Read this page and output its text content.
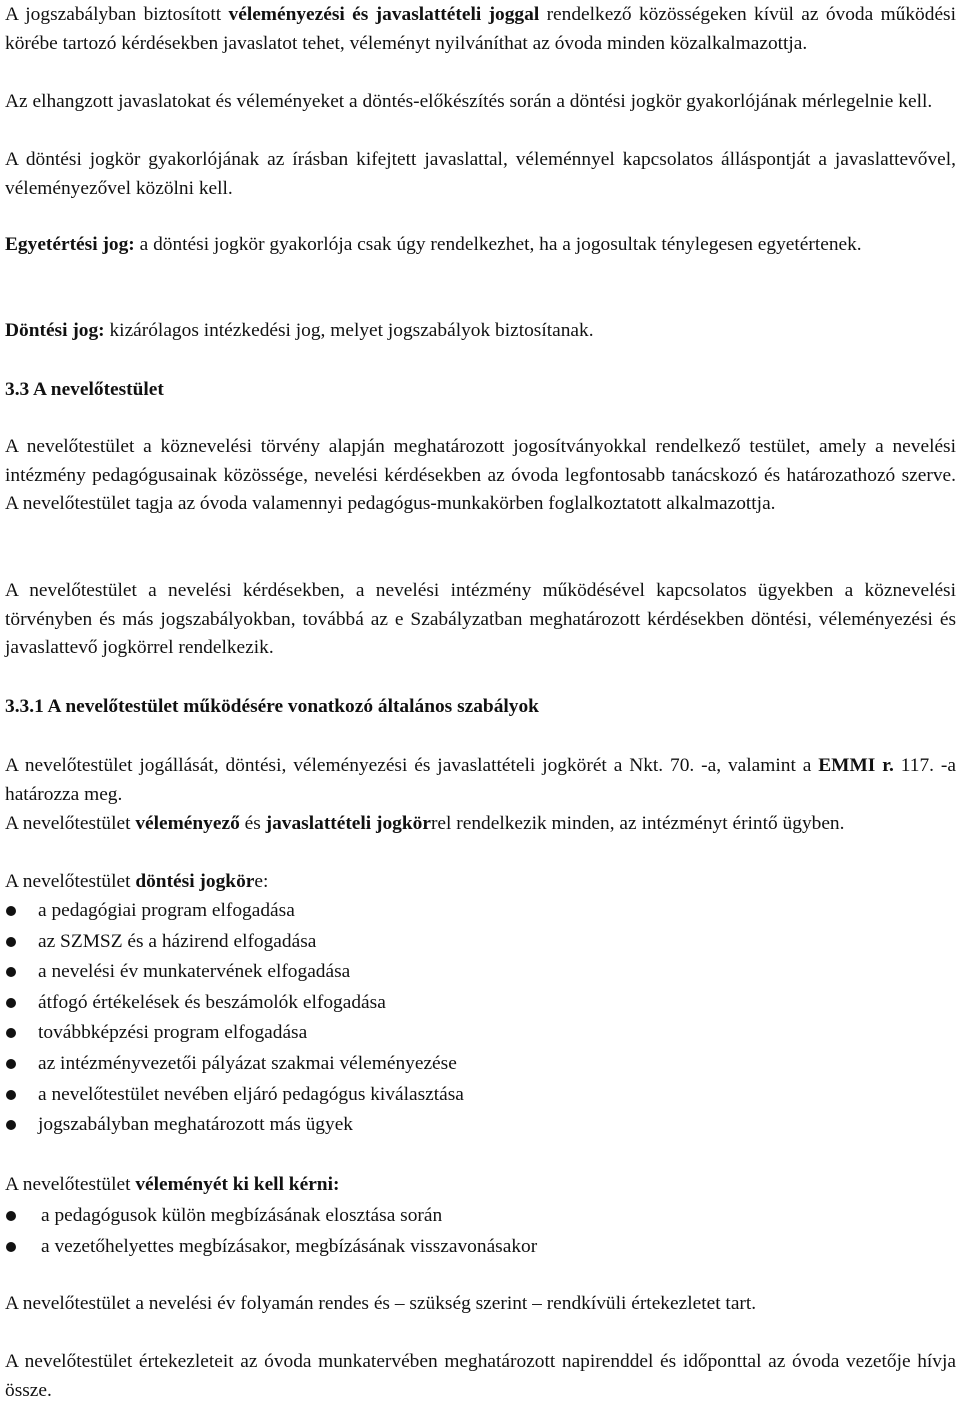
A jogszabályban biztosított véleményezési és javaslattételi joggal rendelkező közösségeken kívül az óvoda működési körébe tartozó kérdésekben javaslatot tehet, véleményt nyilváníthat az óvoda minden közalkalmazottja.

Az elhangzott javaslatokat és véleményeket a döntés-előkészítés során a döntési jogkör gyakorlójának mérlegelnie kell.

A döntési jogkör gyakorlójának az írásban kifejtett javaslattal, véleménnyel kapcsolatos álláspontját a javaslattevővel, véleményezővel közölni kell.

Egyetértési jog: a döntési jogkör gyakorlója csak úgy rendelkezhet, ha a jogosultak ténylegesen egyetértenek.

Döntési jog: kizárólagos intézkedési jog, melyet jogszabályok biztosítanak.

3.3 A nevelőtestület

A nevelőtestület a köznevelési törvény alapján meghatározott jogosítványokkal rendelkező testület, amely a nevelési intézmény pedagógusainak közössége, nevelési kérdésekben az óvoda legfontosabb tanácskozó és határozathozó szerve. A nevelőtestület tagja az óvoda valamennyi pedagógus-munkakörben foglalkoztatott alkalmazottja.

A nevelőtestület a nevelési kérdésekben, a nevelési intézmény működésével kapcsolatos ügyekben a köznevelési törvényben és más jogszabályokban, továbbá az e Szabályzatban meghatározott kérdésekben döntési, véleményezési és javaslattevő jogkörrel rendelkezik.

3.3.1 A nevelőtestület működésére vonatkozó általános szabályok

A nevelőtestület jogállását, döntési, véleményezési és javaslattételi jogkörét a Nkt. 70. -a, valamint a EMMI r. 117. -a határozza meg.

A nevelőtestület véleményező és javaslattételi jogkörrel rendelkezik minden, az intézményt érintő ügyben.

A nevelőtestület döntési jogköre:

a pedagógiai program elfogadása
az SZMSZ és a házirend elfogadása
a nevelési év munkatervének elfogadása
átfogó értékelések és beszámolók elfogadása
továbbképzési program elfogadása
az intézményvezetői pályázat szakmai véleményezése
a nevelőtestület nevében eljáró pedagógus kiválasztása
jogszabályban meghatározott más ügyek

A nevelőtestület véleményét ki kell kérni:

a pedagógusok külön megbízásának elosztása során
a vezetőhelyettes megbízásakor, megbízásának visszavonásakor

A nevelőtestület a nevelési év folyamán rendes és – szükség szerint – rendkívüli értekezletet tart.

A nevelőtestület értekezleteit az óvoda munkatervében meghatározott napirenddel és időponttal az óvoda vezetője hívja össze.
